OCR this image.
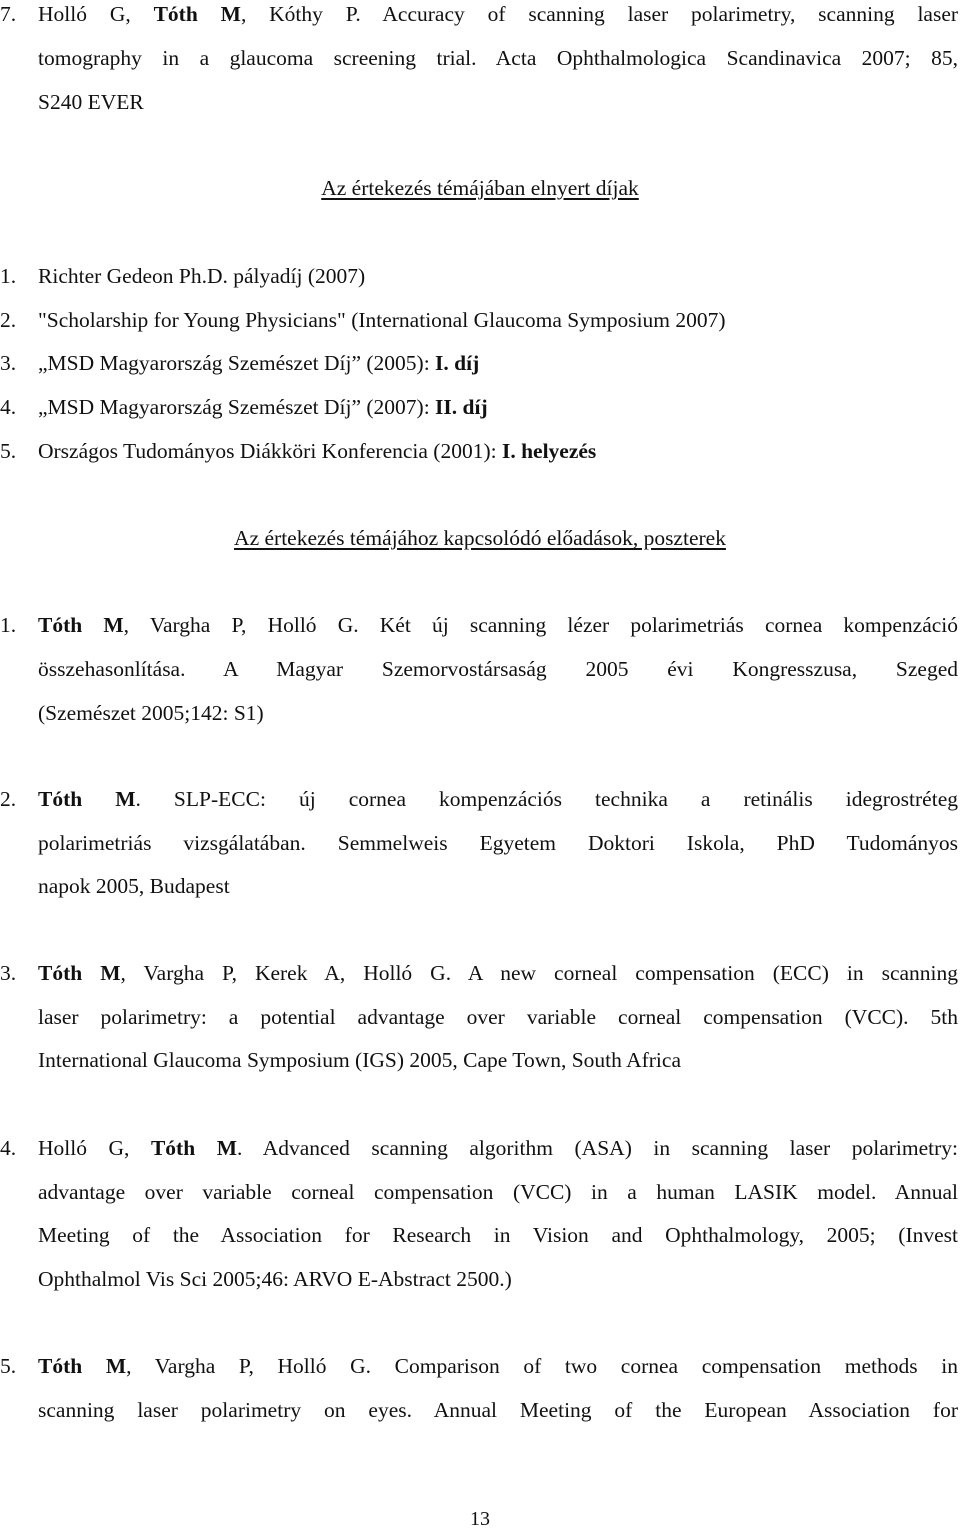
7. Holló G, Tóth M, Kóthy P. Accuracy of scanning laser polarimetry, scanning laser
tomography in a glaucoma screening trial. Acta Ophthalmologica Scandinavica 2007; 85,
S240 EVER
Az értekezés témájában elnyert díjak
1. Richter Gedeon Ph.D. pályadíj (2007)
2. "Scholarship for Young Physicians" (International Glaucoma Symposium 2007)
3. „MSD Magyarország Szemészet Díj” (2005): I. díj
4. „MSD Magyarország Szemészet Díj” (2007): II. díj
5. Országos Tudományos Diákköri Konferencia (2001): I. helyezés
Az értekezés témájához kapcsolódó előadások, poszterek
1. Tóth M, Vargha P, Holló G. Két új scanning lézer polarimetriás cornea kompenzáció
összehasonlítása. A Magyar Szemorvostársaság 2005 évi Kongresszusa, Szeged
(Szemészet 2005;142: S1)
2. Tóth M. SLP-ECC: új cornea kompenzációs technika a retinális idegrostréteg
polarimetriás vizsgálatában. Semmelweis Egyetem Doktori Iskola, PhD Tudományos
napok 2005, Budapest
3. Tóth M, Vargha P, Kerek A, Holló G. A new corneal compensation (ECC) in scanning
laser polarimetry: a potential advantage over variable corneal compensation (VCC). 5th
International Glaucoma Symposium (IGS) 2005, Cape Town, South Africa
4. Holló G, Tóth M. Advanced scanning algorithm (ASA) in scanning laser polarimetry:
advantage over variable corneal compensation (VCC) in a human LASIK model. Annual
Meeting of the Association for Research in Vision and Ophthalmology, 2005; (Invest
Ophthalmol Vis Sci 2005;46: ARVO E-Abstract 2500.)
5. Tóth M, Vargha P, Holló G. Comparison of two cornea compensation methods in
scanning laser polarimetry on eyes. Annual Meeting of the European Association for
13
